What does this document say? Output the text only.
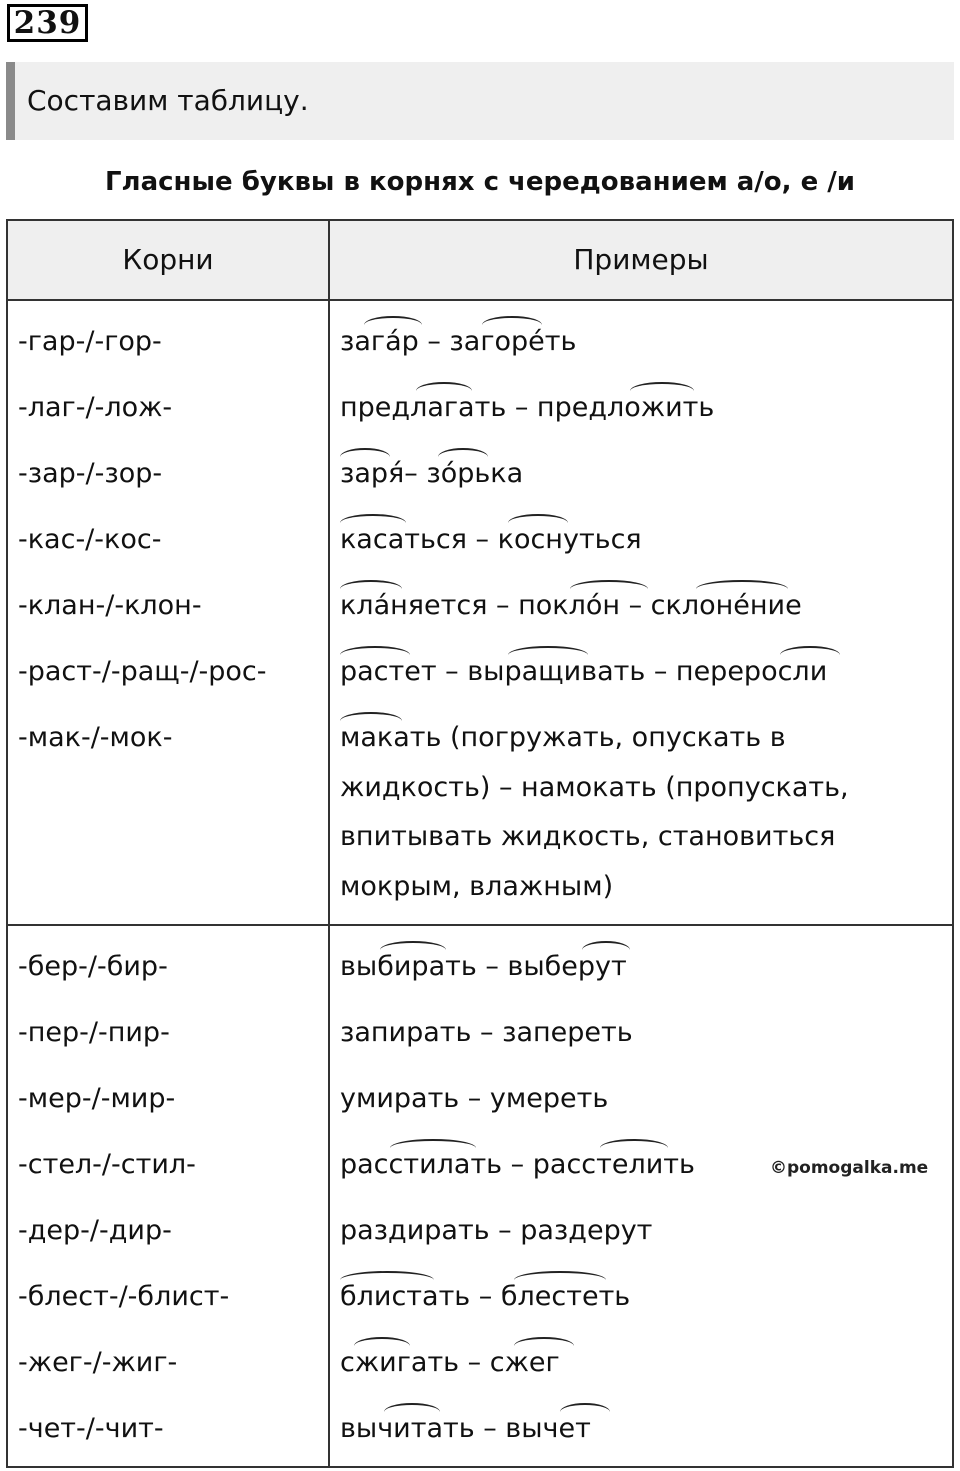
239
Составим таблицу.
Гласные буквы в корнях с чередованием а/о, е /и
Корни	Примеры
-гар-/-гор-	загáр – загорéть
-лаг-/-лож-	предлагать – предложить
-зар-/-зор-	заря́– зóрька
-кас-/-кос-	касаться – коснуться
-клан-/-клон-	клáняется – поклóн – склонéние
-раст-/-ращ-/-рос-	растет – выращивать – переросли
-мак-/-мок-	макать (погружать, опускать в жидкость) – намокать (пропускать, впитывать жидкость, становиться мокрым, влажным)
-бер-/-бир-	выбирать – выберут
-пер-/-пир-	запирать – запереть
-мер-/-мир-	умирать – умереть
-стел-/-стил-	расстилать – расстелить
-дер-/-дир-	раздирать – раздерут
-блест-/-блист-	блистать – блестеть
-жег-/-жиг-	сжигать – сжег
-чет-/-чит-	вычитать – вычет
©pomogalka.me
